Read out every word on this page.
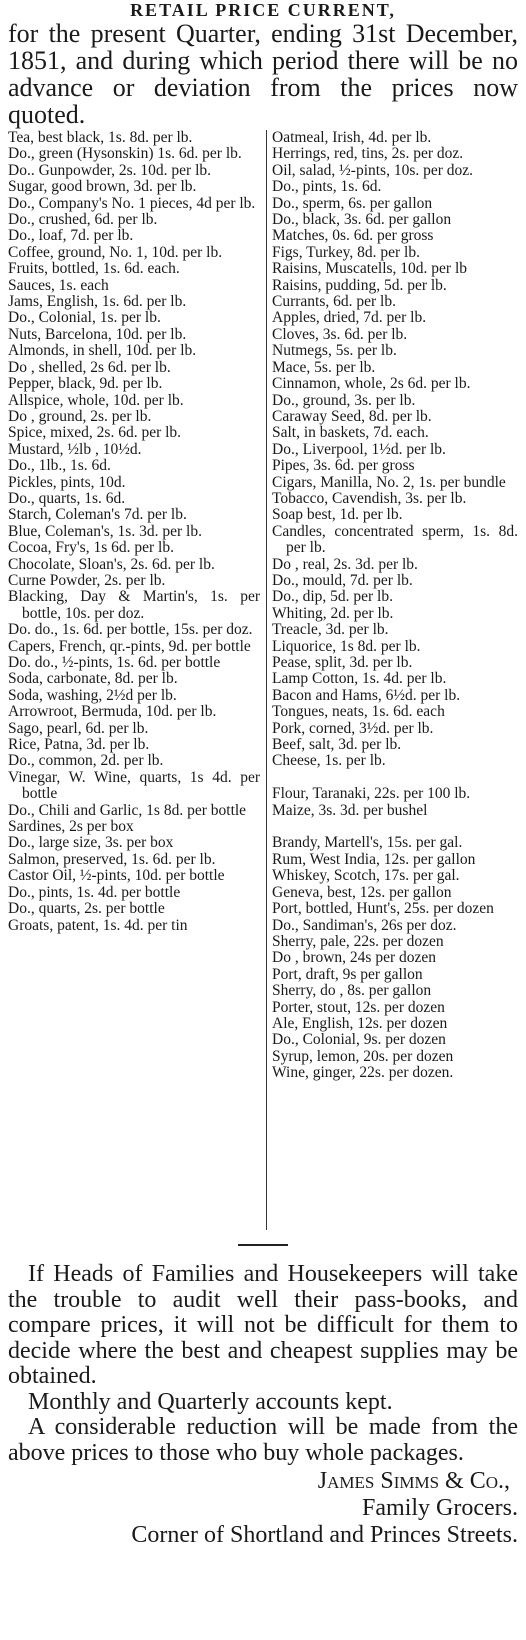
RETAIL PRICE CURRENT,

for the present Quarter, ending 31st December, 1851, and during which period there will be no advance or deviation from the prices now quoted.

Tea, best black, 1s. 8d. per lb.

Do., green (Hysonskin) 1s. 6d. per lb.

Do.. Gunpowder, 2s. 10d. per lb.

Sugar, good brown, 3d. per lb.

Do., Company's No. 1 pieces, 4d per lb.

Do., crushed, 6d. per lb.

Do., loaf, 7d. per lb.

Coffee, ground, No. 1, 10d. per lb.

Fruits, bottled, 1s. 6d. each.

Sauces, 1s. each

Jams, English, 1s. 6d. per lb.

Do., Colonial, 1s. per lb.

Nuts, Barcelona, 10d. per lb.

Almonds, in shell, 10d. per lb.

Do , shelled, 2s 6d. per lb.

Pepper, black, 9d. per lb.

Allspice, whole, 10d. per lb.

Do , ground, 2s. per lb.

Spice, mixed, 2s. 6d. per lb.

Mustard, ½lb , 10½d.

Do., 1lb., 1s. 6d.

Pickles, pints, 10d.

Do., quarts, 1s. 6d.

Starch, Coleman's 7d. per lb.

Blue, Coleman's, 1s. 3d. per lb.

Cocoa, Fry's, 1s 6d. per lb.

Chocolate, Sloan's, 2s. 6d. per lb.

Curne Powder, 2s. per lb.

Blacking, Day & Martin's, 1s. per bottle, 10s. per doz.

Do. do., 1s. 6d. per bottle, 15s. per doz.

Capers, French, qr.-pints, 9d. per bottle

Do. do., ½-pints, 1s. 6d. per bottle

Soda, carbonate, 8d. per lb.

Soda, washing, 2½d per lb.

Arrowroot, Bermuda, 10d. per lb.

Sago, pearl, 6d. per lb.

Rice, Patna, 3d. per lb.

Do., common, 2d. per lb.

Vinegar, W. Wine, quarts, 1s 4d. per bottle

Do., Chili and Garlic, 1s 8d. per bottle

Sardines, 2s per box

Do., large size, 3s. per box

Salmon, preserved, 1s. 6d. per lb.

Castor Oil, ½-pints, 10d. per bottle

Do., pints, 1s. 4d. per bottle

Do., quarts, 2s. per bottle

Groats, patent, 1s. 4d. per tin

Oatmeal, Irish, 4d. per lb.

Herrings, red, tins, 2s. per doz.

Oil, salad, ½-pints, 10s. per doz.

Do., pints, 1s. 6d.

Do., sperm, 6s. per gallon

Do., black, 3s. 6d. per gallon

Matches, 0s. 6d. per gross

Figs, Turkey, 8d. per lb.

Raisins, Muscatells, 10d. per lb

Raisins, pudding, 5d. per lb.

Currants, 6d. per lb.

Apples, dried, 7d. per lb.

Cloves, 3s. 6d. per lb.

Nutmegs, 5s. per lb.

Mace, 5s. per lb.

Cinnamon, whole, 2s 6d. per lb.

Do., ground, 3s. per lb.

Caraway Seed, 8d. per lb.

Salt, in baskets, 7d. each.

Do., Liverpool, 1½d. per lb.

Pipes, 3s. 6d. per gross

Cigars, Manilla, No. 2, 1s. per bundle

Tobacco, Cavendish, 3s. per lb.

Soap best, 1d. per lb.

Candles, concentrated sperm, 1s. 8d. per lb.

Do , real, 2s. 3d. per lb.

Do., mould, 7d. per lb.

Do., dip, 5d. per lb.

Whiting, 2d. per lb.

Treacle, 3d. per lb.

Liquorice, 1s 8d. per lb.

Pease, split, 3d. per lb.

Lamp Cotton, 1s. 4d. per lb.

Bacon and Hams, 6½d. per lb.

Tongues, neats, 1s. 6d. each

Pork, corned, 3½d. per lb.

Beef, salt, 3d. per lb.

Cheese, 1s. per lb.

Flour, Taranaki, 22s. per 100 lb.

Maize, 3s. 3d. per bushel

Brandy, Martell's, 15s. per gal.

Rum, West India, 12s. per gallon

Whiskey, Scotch, 17s. per gal.

Geneva, best, 12s. per gallon

Port, bottled, Hunt's, 25s. per dozen

Do., Sandiman's, 26s per doz.

Sherry, pale, 22s. per dozen

Do , brown, 24s per dozen

Port, draft, 9s per gallon

Sherry, do , 8s. per gallon

Porter, stout, 12s. per dozen

Ale, English, 12s. per dozen

Do., Colonial, 9s. per dozen

Syrup, lemon, 20s. per dozen

Wine, ginger, 22s. per dozen.

If Heads of Families and Housekeepers will take the trouble to audit well their pass-books, and compare prices, it will not be difficult for them to decide where the best and cheapest supplies may be obtained.

Monthly and Quarterly accounts kept.

A considerable reduction will be made from the above prices to those who buy whole packages.

James Simms & Co.,
Family Grocers.

Corner of Shortland and Princes Streets.
